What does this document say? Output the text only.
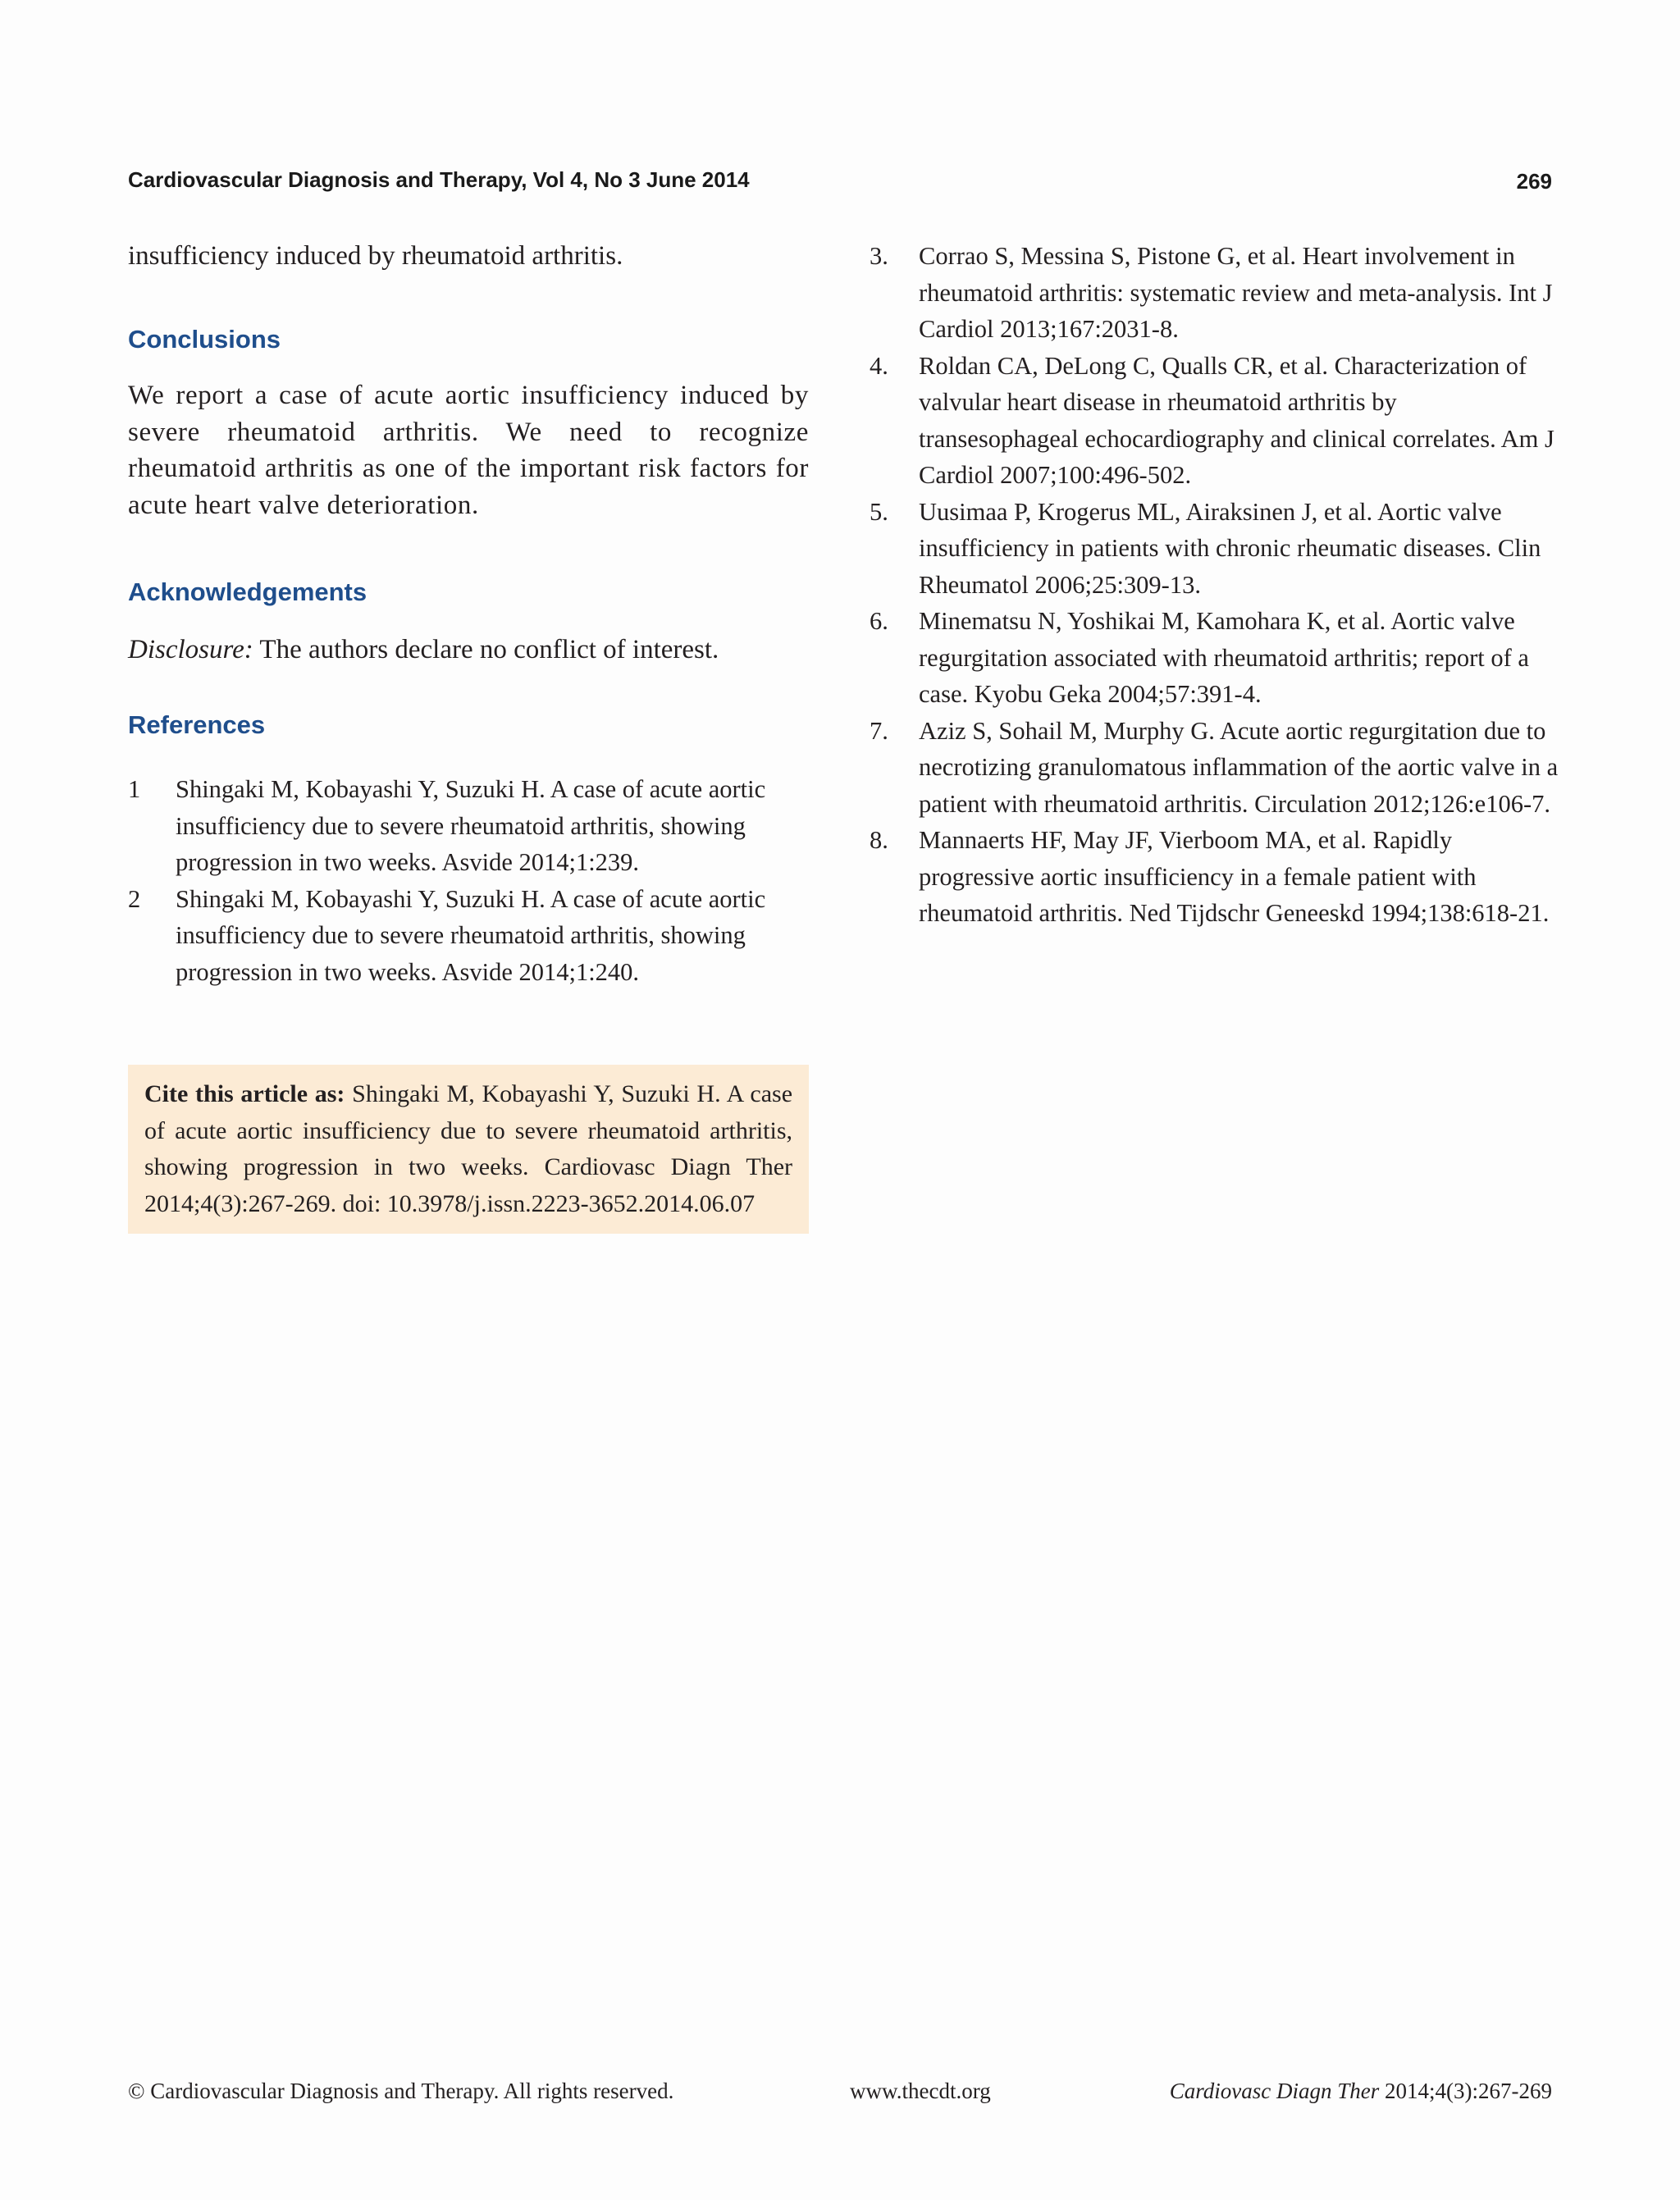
Cardiovascular Diagnosis and Therapy, Vol 4, No 3 June 2014	269

insufficiency induced by rheumatoid arthritis.

Conclusions

We report a case of acute aortic insufficiency induced by severe rheumatoid arthritis. We need to recognize rheumatoid arthritis as one of the important risk factors for acute heart valve deterioration.

Acknowledgements

Disclosure: The authors declare no conflict of interest.

References
1 Shingaki M, Kobayashi Y, Suzuki H. A case of acute aortic insufficiency due to severe rheumatoid arthritis, showing progression in two weeks. Asvide 2014;1:239.
2 Shingaki M, Kobayashi Y, Suzuki H. A case of acute aortic insufficiency due to severe rheumatoid arthritis, showing progression in two weeks. Asvide 2014;1:240.
3. Corrao S, Messina S, Pistone G, et al. Heart involvement in rheumatoid arthritis: systematic review and meta-analysis. Int J Cardiol 2013;167:2031-8.
4. Roldan CA, DeLong C, Qualls CR, et al. Characterization of valvular heart disease in rheumatoid arthritis by transesophageal echocardiography and clinical correlates. Am J Cardiol 2007;100:496-502.
5. Uusimaa P, Krogerus ML, Airaksinen J, et al. Aortic valve insufficiency in patients with chronic rheumatic diseases. Clin Rheumatol 2006;25:309-13.
6. Minematsu N, Yoshikai M, Kamohara K, et al. Aortic valve regurgitation associated with rheumatoid arthritis; report of a case. Kyobu Geka 2004;57:391-4.
7. Aziz S, Sohail M, Murphy G. Acute aortic regurgitation due to necrotizing granulomatous inflammation of the aortic valve in a patient with rheumatoid arthritis. Circulation 2012;126:e106-7.
8. Mannaerts HF, May JF, Vierboom MA, et al. Rapidly progressive aortic insufficiency in a female patient with rheumatoid arthritis. Ned Tijdschr Geneeskd 1994;138:618-21.
Cite this article as: Shingaki M, Kobayashi Y, Suzuki H. A case of acute aortic insufficiency due to severe rheumatoid arthritis, showing progression in two weeks. Cardiovasc Diagn Ther 2014;4(3):267-269. doi: 10.3978/j.issn.2223-3652.2014.06.07
© Cardiovascular Diagnosis and Therapy. All rights reserved.	www.thecdt.org	Cardiovasc Diagn Ther 2014;4(3):267-269
